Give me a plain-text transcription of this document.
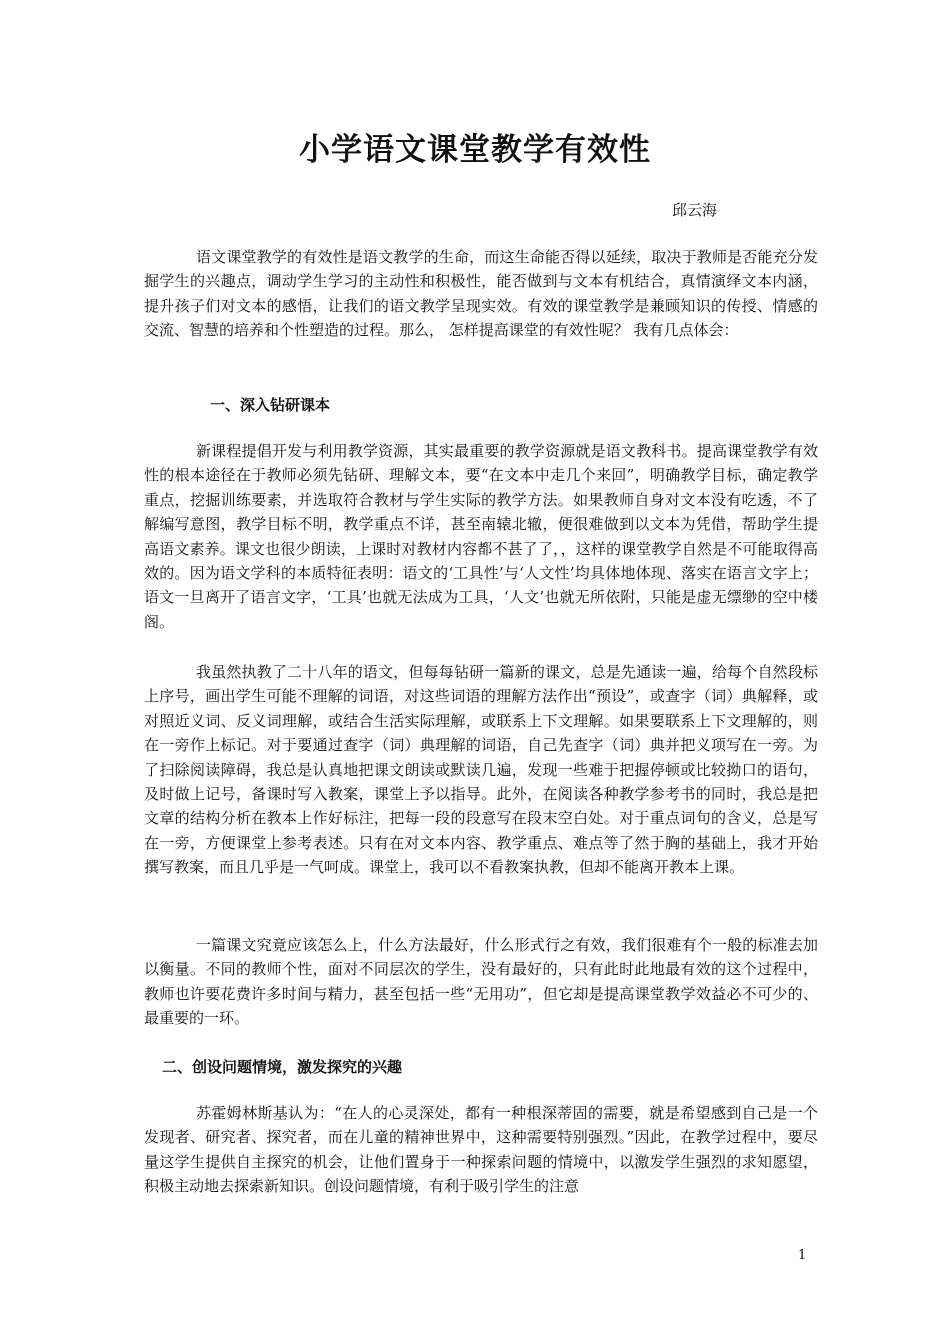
小学语文课堂教学有效性
邱云海

语文课堂教学的有效性是语文教学的生命，而这生命能否得以延续，取决于教师是否能充分发掘学生的兴趣点，调动学生学习的主动性和积极性，能否做到与文本有机结合，真情演绎文本内涵，提升孩子们对文本的感悟，让我们的语文教学呈现实效。有效的课堂教学是兼顾知识的传授、情感的交流、智慧的培养和个性塑造的过程。那么， 怎样提高课堂的有效性呢？ 我有几点体会：

一、深入钻研课本

新课程提倡开发与利用教学资源，其实最重要的教学资源就是语文教科书。提高课堂教学有效性的根本途径在于教师必须先钻研、理解文本，要“在文本中走几个来回”，明确教学目标，确定教学重点，挖掘训练要素，并选取符合教材与学生实际的教学方法。如果教师自身对文本没有吃透，不了解编写意图，教学目标不明，教学重点不详，甚至南辕北辙，便很难做到以文本为凭借，帮助学生提高语文素养。课文也很少朗读，上课时对教材内容都不甚了了，，这样的课堂教学自然是不可能取得高效的。因为语文学科的本质特征表明：语文的‘工具性’与‘人文性’均具体地体现、落实在语言文字上；语文一旦离开了语言文字，‘工具’也就无法成为工具，‘人文’也就无所依附，只能是虚无缥缈的空中楼阁。

我虽然执教了二十八年的语文，但每每钻研一篇新的课文，总是先通读一遍，给每个自然段标上序号，画出学生可能不理解的词语，对这些词语的理解方法作出“预设”，或查字（词）典解释，或对照近义词、反义词理解，或结合生活实际理解，或联系上下文理解。如果要联系上下文理解的，则在一旁作上标记。对于要通过查字（词）典理解的词语，自己先查字（词）典并把义项写在一旁。为了扫除阅读障碍，我总是认真地把课文朗读或默读几遍，发现一些难于把握停顿或比较拗口的语句，及时做上记号，备课时写入教案，课堂上予以指导。此外，在阅读各种教学参考书的同时，我总是把文章的结构分析在教本上作好标注，把每一段的段意写在段末空白处。对于重点词句的含义，总是写在一旁，方便课堂上参考表述。只有在对文本内容、教学重点、难点等了然于胸的基础上，我才开始撰写教案，而且几乎是一气呵成。课堂上，我可以不看教案执教，但却不能离开教本上课。

一篇课文究竟应该怎么上，什么方法最好，什么形式行之有效，我们很难有个一般的标准去加以衡量。不同的教师个性，面对不同层次的学生，没有最好的，只有此时此地最有效的这个过程中，教师也许要花费许多时间与精力，甚至包括一些“无用功”，但它却是提高课堂教学效益必不可少的、最重要的一环。

二、创设问题情境，激发探究的兴趣

苏霍姆林斯基认为：“在人的心灵深处，都有一种根深蒂固的需要，就是希望感到自己是一个发现者、研究者、探究者，而在儿童的精神世界中，这种需要特别强烈。”因此，在教学过程中，要尽量这学生提供自主探究的机会，让他们置身于一种探索问题的情境中，以激发学生强烈的求知愿望，积极主动地去探索新知识。创设问题情境，有利于吸引学生的注意

1
